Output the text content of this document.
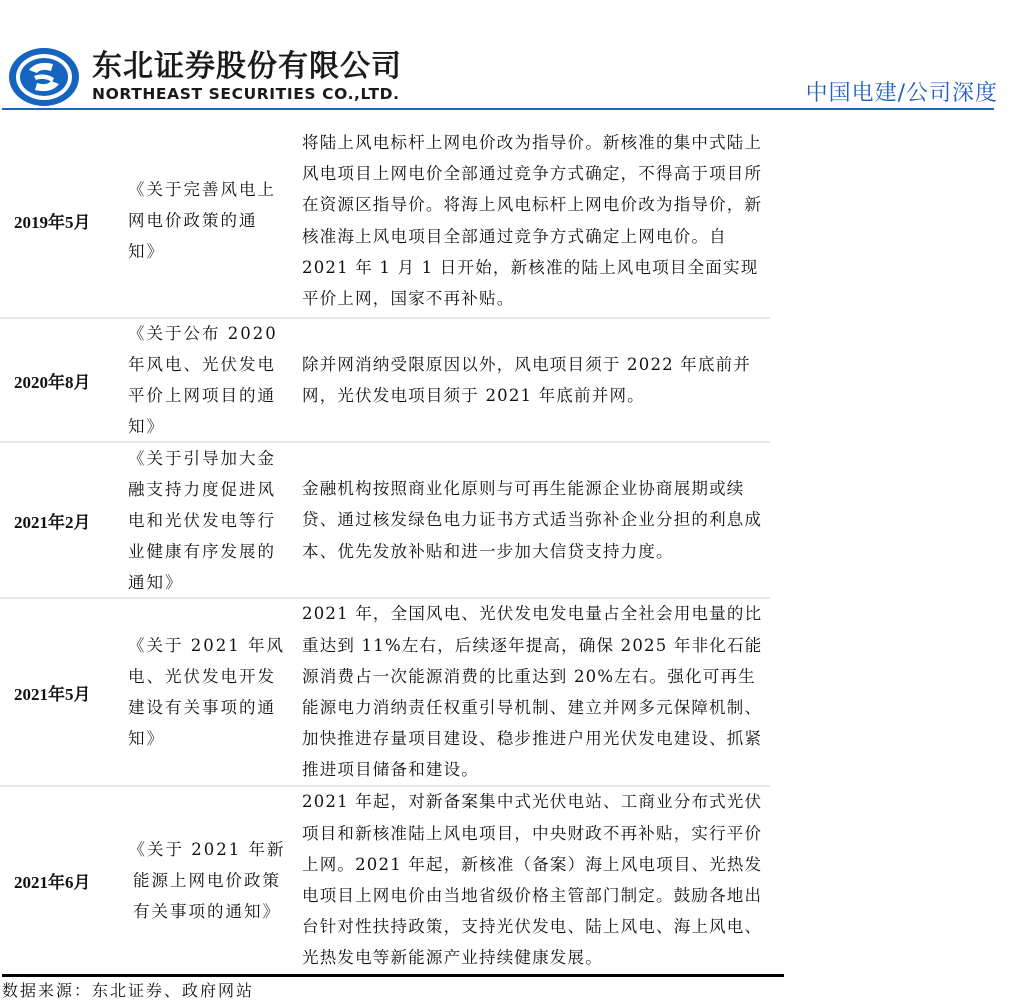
东北证券股份有限公司
NORTHEAST SECURITIES CO.,LTD.	中国电建/公司深度
2019年5月
《关于完善风电上网电价政策的通知》
将陆上风电标杆上网电价改为指导价。新核准的集中式陆上风电项目上网电价全部通过竞争方式确定，不得高于项目所在资源区指导价。将海上风电标杆上网电价改为指导价，新核准海上风电项目全部通过竞争方式确定上网电价。自 2021 年 1 月 1 日开始，新核准的陆上风电项目全面实现平价上网，国家不再补贴。
2020年8月
《关于公布 2020 年风电、光伏发电平价上网项目的通知》
除并网消纳受限原因以外，风电项目须于 2022 年底前并网，光伏发电项目须于 2021 年底前并网。
2021年2月
《关于引导加大金融支持力度促进风电和光伏发电等行业健康有序发展的通知》
金融机构按照商业化原则与可再生能源企业协商展期或续贷、通过核发绿色电力证书方式适当弥补企业分担的利息成本、优先发放补贴和进一步加大信贷支持力度。
2021年5月
《关于 2021 年风电、光伏发电开发建设有关事项的通知》
2021 年，全国风电、光伏发电发电量占全社会用电量的比重达到 11%左右，后续逐年提高，确保 2025 年非化石能源消费占一次能源消费的比重达到 20%左右。强化可再生能源电力消纳责任权重引导机制、建立并网多元保障机制、加快推进存量项目建设、稳步推进户用光伏发电建设、抓紧推进项目储备和建设。
2021年6月
《关于 2021 年新能源上网电价政策有关事项的通知》
2021 年起，对新备案集中式光伏电站、工商业分布式光伏项目和新核准陆上风电项目，中央财政不再补贴，实行平价上网。2021 年起，新核准（备案）海上风电项目、光热发电项目上网电价由当地省级价格主管部门制定。鼓励各地出台针对性扶持政策，支持光伏发电、陆上风电、海上风电、光热发电等新能源产业持续健康发展。
数据来源：东北证券、政府网站
